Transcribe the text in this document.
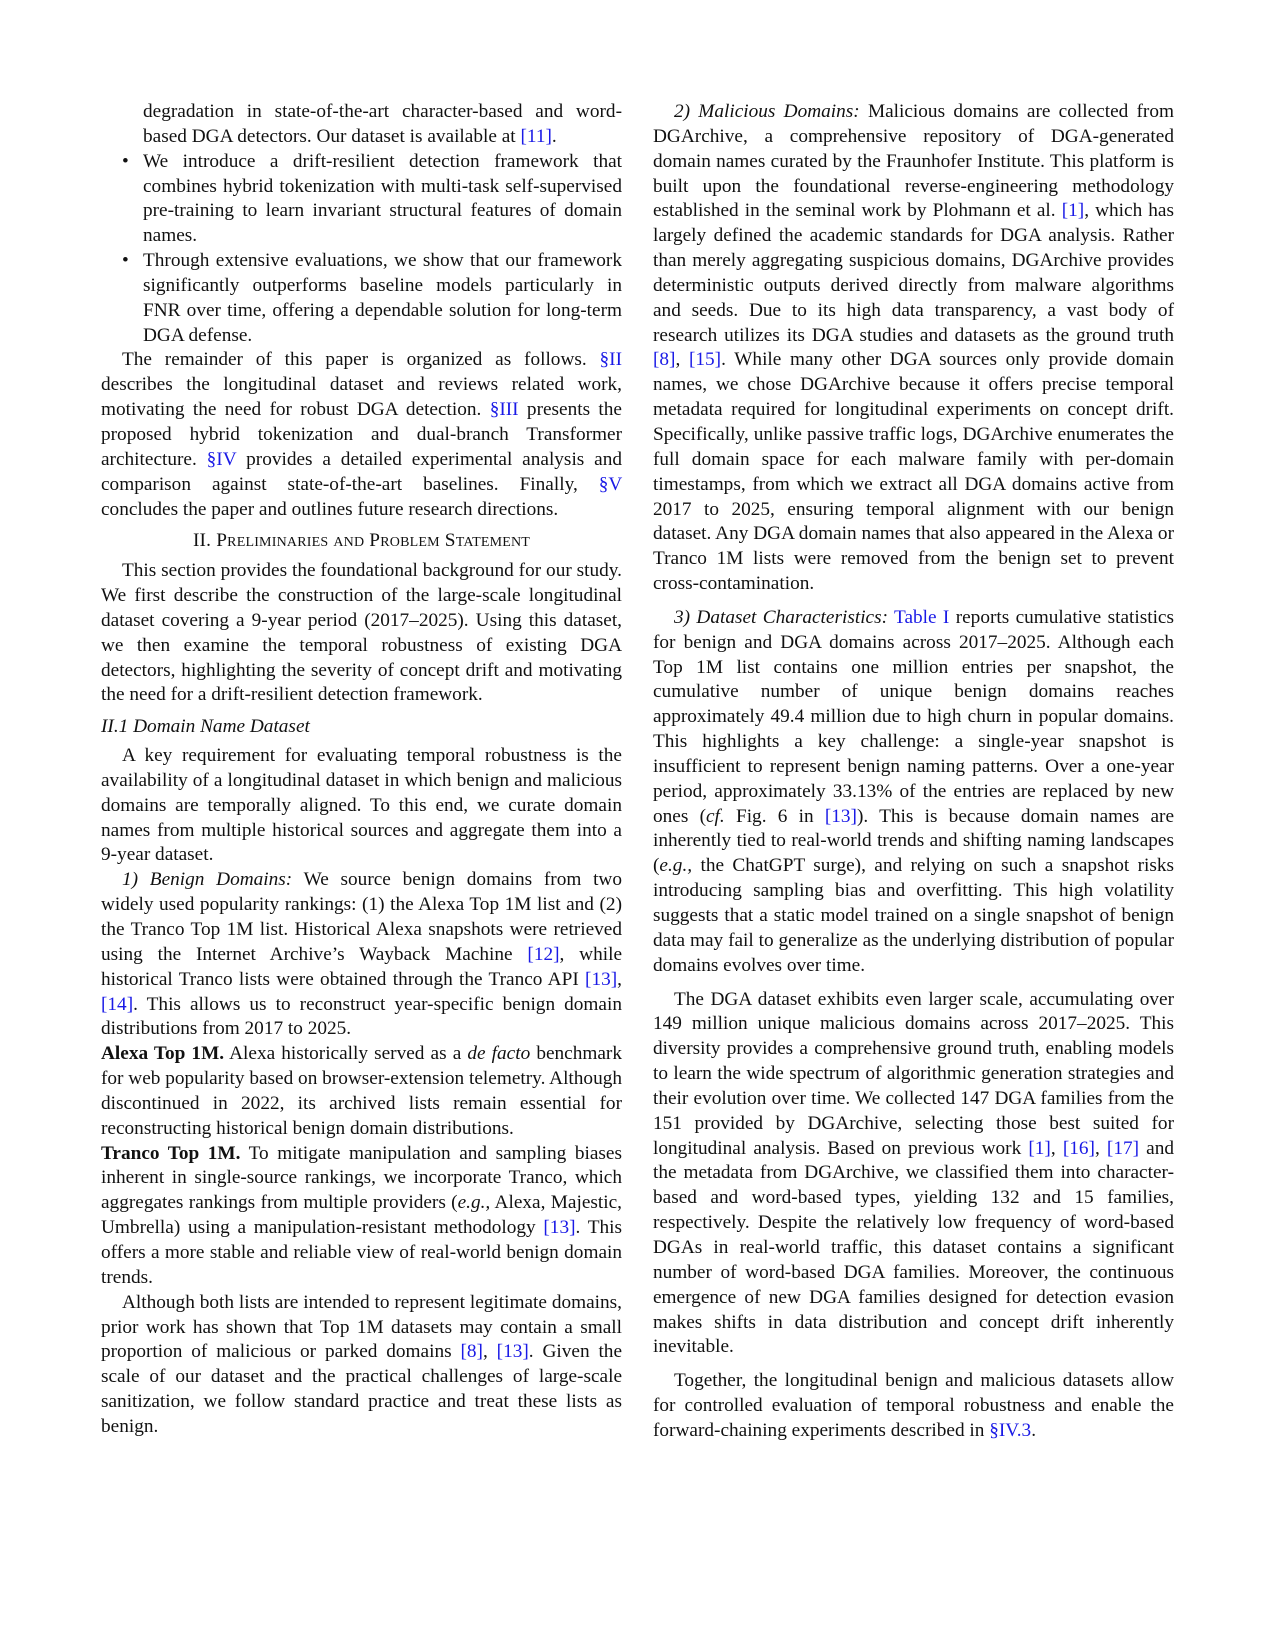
degradation in state-of-the-art character-based and word-based DGA detectors. Our dataset is available at [11].

• We introduce a drift-resilient detection framework that combines hybrid tokenization with multi-task self-supervised pre-training to learn invariant structural features of domain names.
• Through extensive evaluations, we show that our framework significantly outperforms baseline models particularly in FNR over time, offering a dependable solution for long-term DGA defense.

The remainder of this paper is organized as follows. §II describes the longitudinal dataset and reviews related work, motivating the need for robust DGA detection. §III presents the proposed hybrid tokenization and dual-branch Transformer architecture. §IV provides a detailed experimental analysis and comparison against state-of-the-art baselines. Finally, §V concludes the paper and outlines future research directions.

II. Preliminaries and Problem Statement

This section provides the foundational background for our study. We first describe the construction of the large-scale longitudinal dataset covering a 9-year period (2017–2025). Using this dataset, we then examine the temporal robustness of existing DGA detectors, highlighting the severity of concept drift and motivating the need for a drift-resilient detection framework.

II.1 Domain Name Dataset

A key requirement for evaluating temporal robustness is the availability of a longitudinal dataset in which benign and malicious domains are temporally aligned. To this end, we curate domain names from multiple historical sources and aggregate them into a 9-year dataset.

1) Benign Domains: We source benign domains from two widely used popularity rankings: (1) the Alexa Top 1M list and (2) the Tranco Top 1M list. Historical Alexa snapshots were retrieved using the Internet Archive’s Wayback Machine [12], while historical Tranco lists were obtained through the Tranco API [13], [14]. This allows us to reconstruct year-specific benign domain distributions from 2017 to 2025.

Alexa Top 1M. Alexa historically served as a de facto benchmark for web popularity based on browser-extension telemetry. Although discontinued in 2022, its archived lists remain essential for reconstructing historical benign domain distributions.

Tranco Top 1M. To mitigate manipulation and sampling biases inherent in single-source rankings, we incorporate Tranco, which aggregates rankings from multiple providers (e.g., Alexa, Majestic, Umbrella) using a manipulation-resistant methodology [13]. This offers a more stable and reliable view of real-world benign domain trends.

Although both lists are intended to represent legitimate domains, prior work has shown that Top 1M datasets may contain a small proportion of malicious or parked domains [8], [13]. Given the scale of our dataset and the practical challenges of large-scale sanitization, we follow standard practice and treat these lists as benign.

2) Malicious Domains: Malicious domains are collected from DGArchive, a comprehensive repository of DGA-generated domain names curated by the Fraunhofer Institute. This platform is built upon the foundational reverse-engineering methodology established in the seminal work by Plohmann et al. [1], which has largely defined the academic standards for DGA analysis. Rather than merely aggregating suspicious domains, DGArchive provides deterministic outputs derived directly from malware algorithms and seeds. Due to its high data transparency, a vast body of research utilizes its DGA studies and datasets as the ground truth [8], [15]. While many other DGA sources only provide domain names, we chose DGArchive because it offers precise temporal metadata required for longitudinal experiments on concept drift. Specifically, unlike passive traffic logs, DGArchive enumerates the full domain space for each malware family with per-domain timestamps, from which we extract all DGA domains active from 2017 to 2025, ensuring temporal alignment with our benign dataset. Any DGA domain names that also appeared in the Alexa or Tranco 1M lists were removed from the benign set to prevent cross-contamination.

3) Dataset Characteristics: Table I reports cumulative statistics for benign and DGA domains across 2017–2025. Although each Top 1M list contains one million entries per snapshot, the cumulative number of unique benign domains reaches approximately 49.4 million due to high churn in popular domains. This highlights a key challenge: a single-year snapshot is insufficient to represent benign naming patterns. Over a one-year period, approximately 33.13% of the entries are replaced by new ones (cf. Fig. 6 in [13]). This is because domain names are inherently tied to real-world trends and shifting naming landscapes (e.g., the ChatGPT surge), and relying on such a snapshot risks introducing sampling bias and overfitting. This high volatility suggests that a static model trained on a single snapshot of benign data may fail to generalize as the underlying distribution of popular domains evolves over time.

The DGA dataset exhibits even larger scale, accumulating over 149 million unique malicious domains across 2017–2025. This diversity provides a comprehensive ground truth, enabling models to learn the wide spectrum of algorithmic generation strategies and their evolution over time. We collected 147 DGA families from the 151 provided by DGArchive, selecting those best suited for longitudinal analysis. Based on previous work [1], [16], [17] and the metadata from DGArchive, we classified them into character-based and word-based types, yielding 132 and 15 families, respectively. Despite the relatively low frequency of word-based DGAs in real-world traffic, this dataset contains a significant number of word-based DGA families. Moreover, the continuous emergence of new DGA families designed for detection evasion makes shifts in data distribution and concept drift inherently inevitable.

Together, the longitudinal benign and malicious datasets allow for controlled evaluation of temporal robustness and enable the forward-chaining experiments described in §IV.3.
